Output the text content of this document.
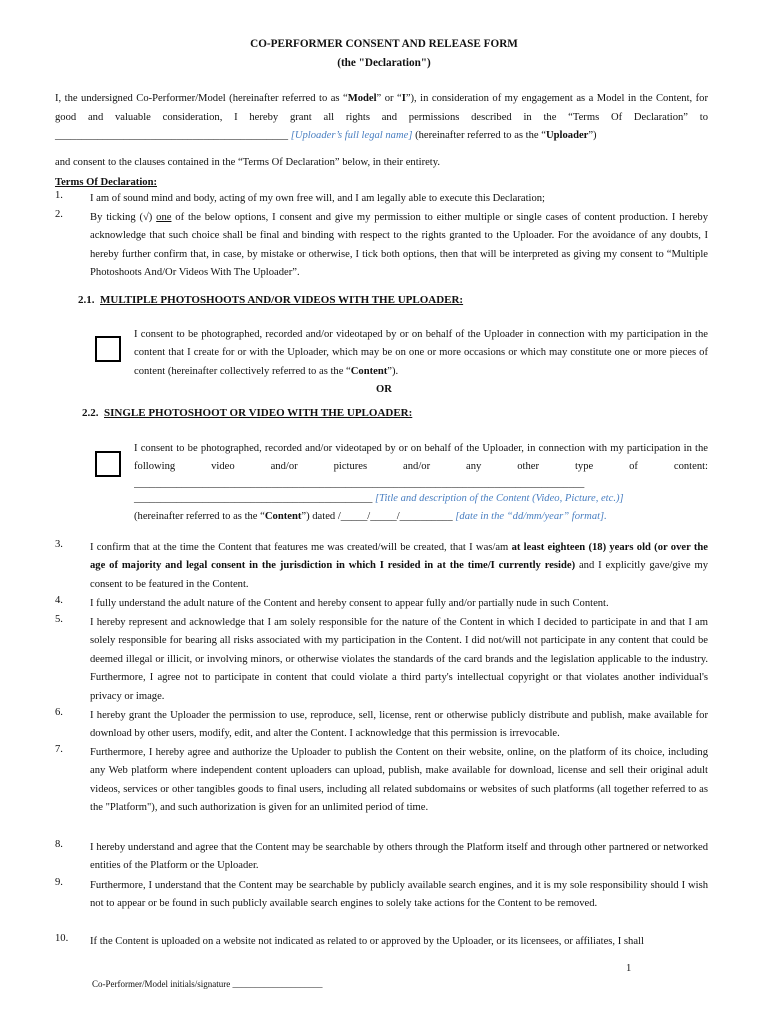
CO-PERFORMER CONSENT AND RELEASE FORM
(the "Declaration")
I, the undersigned Co-Performer/Model (hereinafter referred to as “Model” or “I”), in consideration of my engagement as a Model in the Content, for good and valuable consideration, I hereby grant all rights and permissions described in the “Terms Of Declaration” to ____________________________________________ [Uploader’s full legal name] (hereinafter referred to as the “Uploader”)
and consent to the clauses contained in the “Terms Of Declaration” below, in their entirety.
Terms Of Declaration:
1.	I am of sound mind and body, acting of my own free will, and I am legally able to execute this Declaration;
2.	By ticking (√) one of the below options, I consent and give my permission to either multiple or single cases of content production. I hereby acknowledge that such choice shall be final and binding with respect to the rights granted to the Uploader. For the avoidance of any doubts, I hereby further confirm that, in case, by mistake or otherwise, I tick both options, then that will be interpreted as giving my consent to “Multiple Photoshoots And/Or Videos With The Uploader”.
2.1. MULTIPLE PHOTOSHOOTS AND/OR VIDEOS WITH THE UPLOADER:
I consent to be photographed, recorded and/or videotaped by or on behalf of the Uploader in connection with my participation in the content that I create for or with the Uploader, which may be on one or more occasions or which may constitute one or more pieces of content (hereinafter collectively referred to as the “Content”).
OR
2.2. SINGLE PHOTOSHOOT OR VIDEO WITH THE UPLOADER:
I consent to be photographed, recorded and/or videotaped by or on behalf of the Uploader, in connection with my participation in the following video and/or pictures and/or any other type of content:
_____________________________________________________________________________________
_____________________________________________ [Title and description of the Content (Video, Picture, etc.)]
(hereinafter referred to as the “Content”) dated /_____/_____/__________ [date in the “dd/mm/year” format].
3.	I confirm that at the time the Content that features me was created/will be created, that I was/am at least eighteen (18) years old (or over the age of majority and legal consent in the jurisdiction in which I resided in at the time/I currently reside) and I explicitly gave/give my consent to be featured in the Content.
4.	I fully understand the adult nature of the Content and hereby consent to appear fully and/or partially nude in such Content.
5.	I hereby represent and acknowledge that I am solely responsible for the nature of the Content in which I decided to participate in and that I am solely responsible for bearing all risks associated with my participation in the Content. I did not/will not participate in any content that could be deemed illegal or illicit, or involving minors, or otherwise violates the standards of the card brands and the legislation applicable to the industry. Furthermore, I agree not to participate in content that could violate a third party's intellectual copyright or that violates another individual's privacy or image.
6.	I hereby grant the Uploader the permission to use, reproduce, sell, license, rent or otherwise publicly distribute and publish, make available for download by other users, modify, edit, and alter the Content. I acknowledge that this permission is irrevocable.
7.	Furthermore, I hereby agree and authorize the Uploader to publish the Content on their website, online, on the platform of its choice, including any Web platform where independent content uploaders can upload, publish, make available for download, license and sell their original adult videos, services or other tangibles goods to final users, including all related subdomains or websites of such platforms (all together referred to as the "Platform"), and such authorization is given for an unlimited period of time.
8.	I hereby understand and agree that the Content may be searchable by others through the Platform itself and through other partnered or networked entities of the Platform or the Uploader.
9.	Furthermore, I understand that the Content may be searchable by publicly available search engines, and it is my sole responsibility should I wish not to appear or be found in such publicly available search engines to solely take actions for the Content to be removed.
10.	If the Content is uploaded on a website not indicated as related to or approved by the Uploader, or its licensees, or affiliates, I shall
1
Co-Performer/Model initials/signature ____________________
